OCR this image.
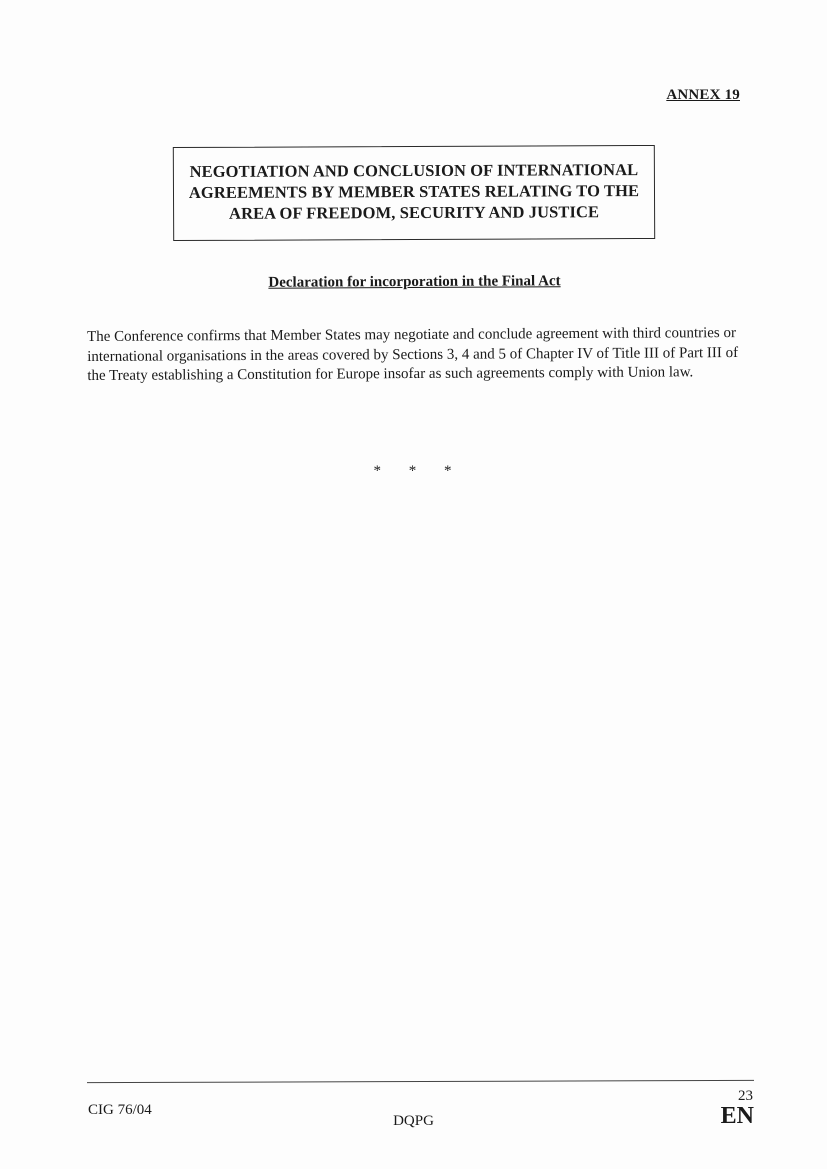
ANNEX 19
NEGOTIATION AND CONCLUSION OF INTERNATIONAL
AGREEMENTS BY MEMBER STATES RELATING TO THE
AREA OF FREEDOM, SECURITY AND JUSTICE
Declaration for incorporation in the Final Act
The Conference confirms that Member States may negotiate and conclude agreement with third countries or international organisations in the areas covered by Sections 3, 4 and 5 of Chapter IV of Title III of Part III of the Treaty establishing a Constitution for Europe insofar as such agreements comply with Union law.
* * *
CIG 76/04
DQPG
23
EN
